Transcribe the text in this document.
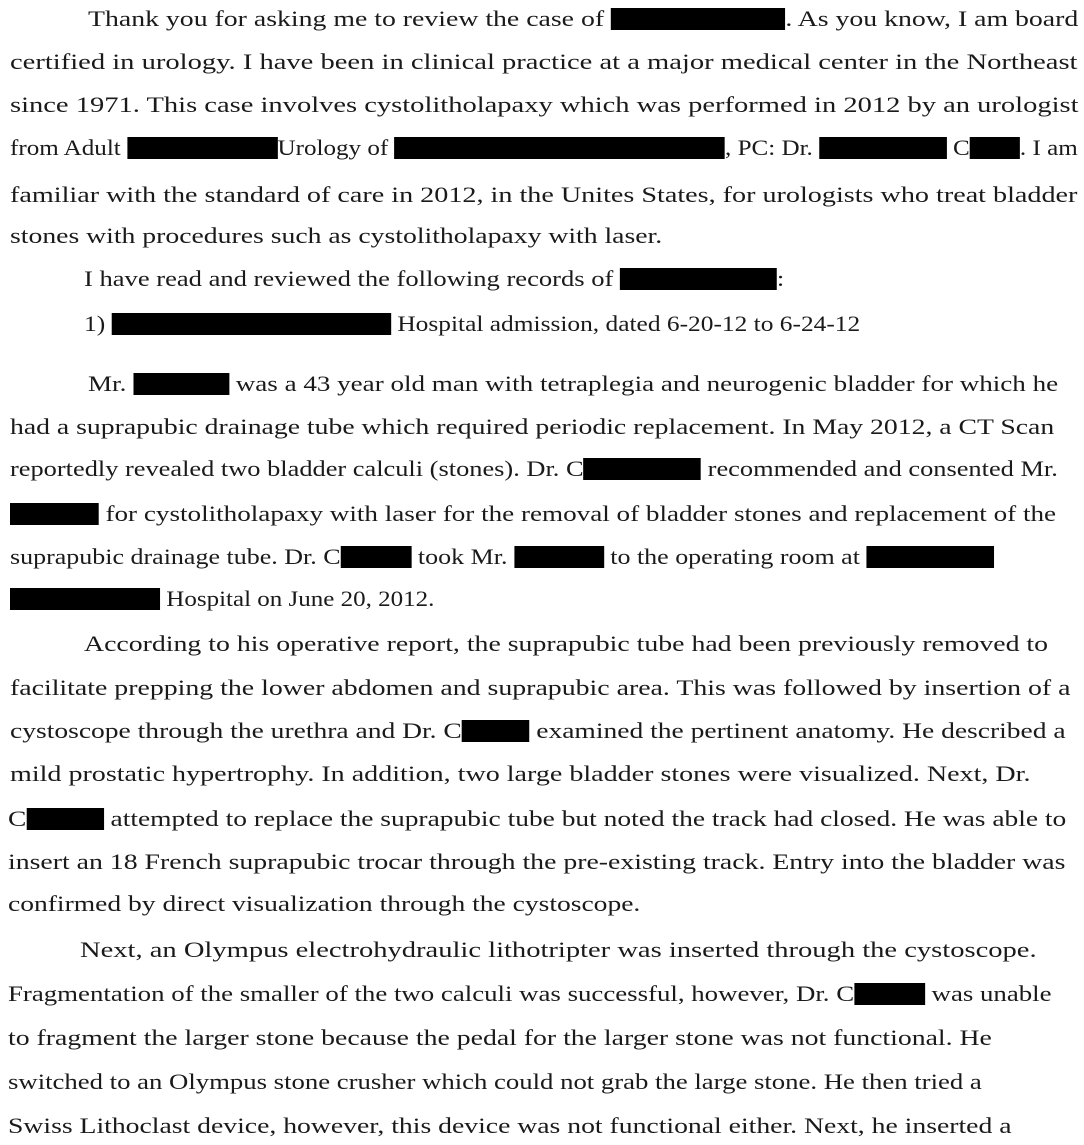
Thank you for asking me to review the case of	. As you know, I am board
certified in urology. I have been in clinical practice at a major medical center in the Northeast
since 1971. This case involves cystolitholapaxy which was performed in 2012 by an urologist
from Adult	Urology of	, PC: Dr.	C . I am
familiar with the standard of care in 2012, in the Unites States, for urologists who treat bladder
stones with procedures such as cystolitholapaxy with laser.
I have read and reviewed the following records of	:
1)	Hospital admission, dated 6-20-12 to 6-24-12
Mr.	was a 43 year old man with tetraplegia and neurogenic bladder for which he
had a suprapubic drainage tube which required periodic replacement. In May 2012, a CT Scan
reportedly revealed two bladder calculi (stones). Dr. C	recommended and consented Mr.
for cystolitholapaxy with laser for the removal of bladder stones and replacement of the
suprapubic drainage tube. Dr. C	took Mr.	to the operating room at
Hospital on June 20, 2012.
According to his operative report, the suprapubic tube had been previously removed to
facilitate prepping the lower abdomen and suprapubic area. This was followed by insertion of a
cystoscope through the urethra and Dr. C	examined the pertinent anatomy. He described a
mild prostatic hypertrophy. In addition, two large bladder stones were visualized. Next, Dr.
C	attempted to replace the suprapubic tube but noted the track had closed. He was able to
insert an 18 French suprapubic trocar through the pre-existing track. Entry into the bladder was
confirmed by direct visualization through the cystoscope.
Next, an Olympus electrohydraulic lithotripter was inserted through the cystoscope.
Fragmentation of the smaller of the two calculi was successful, however, Dr. C	was unable
to fragment the larger stone because the pedal for the larger stone was not functional. He
switched to an Olympus stone crusher which could not grab the large stone. He then tried a
Swiss Lithoclast device, however, this device was not functional either. Next, he inserted a
